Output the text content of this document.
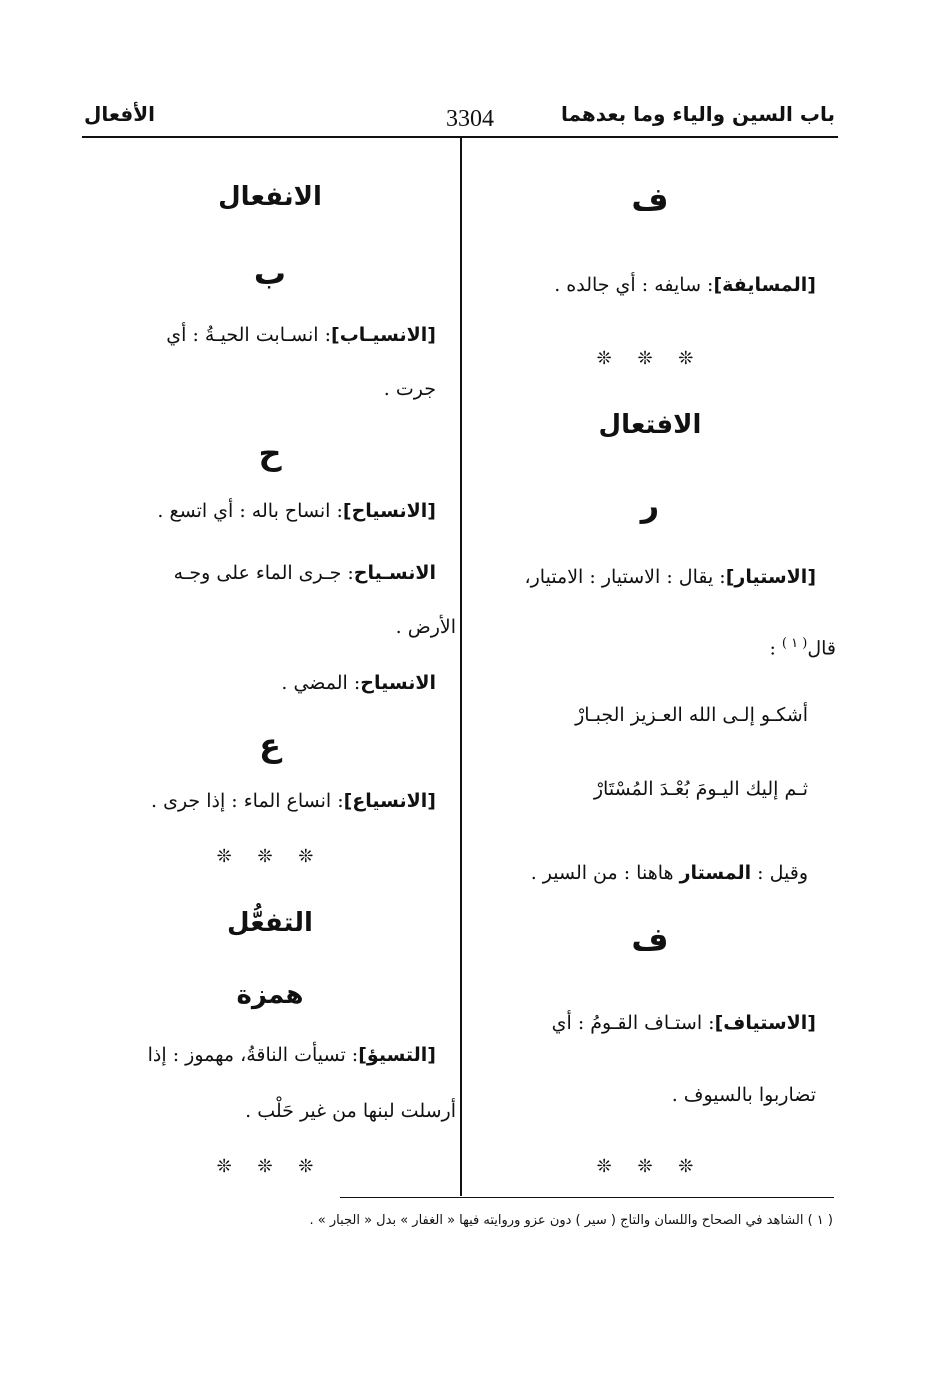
باب السين والياء وما بعدهما
3304
الأفعال
ف
[المسايفة]: سايفه : أي جالده .
❊ ❊ ❊
الافتعال
ر
[الاستيار]: يقال : الاستيار : الامتيار،
قال$^{( ١ )}$ :
أشكـو إلـى الله العـزيز الجبـارْ
ثـم إليك اليـومَ بُعْـدَ المُسْتَارْ
وقيل : المستار هاهنا : من السير .
ف
[الاستياف]: استـاف القـومُ : أي
تضاربوا بالسيوف .
❊ ❊ ❊
الانفعال
ب
[الانسيـاب]: انسـابت الحيـةُ : أي
جرت .
ح
[الانسياح]: انساح باله : أي اتسع .
الانسـياح: جـرى الماء على وجـه
الأرض .
الانسياح: المضي .
ع
[الانسياع]: انساع الماء : إذا جرى .
❊ ❊ ❊
التفعُّل
همزة
[التسيؤ]: تسيأت الناقةُ، مهموز : إذا
أرسلت لبنها من غير حَلْب .
❊ ❊ ❊
( ١ ) الشاهد في الصحاح واللسان والتاج ( سير ) دون عزو وروايته فيها « الغفار » بدل « الجبار » .
